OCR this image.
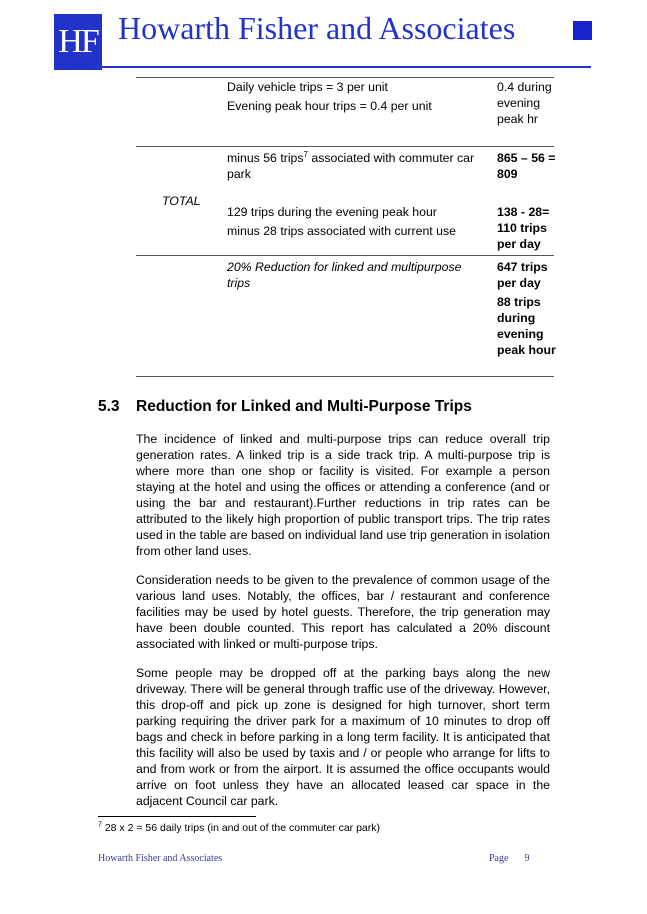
HF Howarth Fisher and Associates
Daily vehicle trips = 3 per unit
Evening peak hour trips = 0.4 per unit
0.4 during evening peak hr
TOTAL
minus 56 trips$^7$ associated with commuter car park
865 – 56 = 809
129 trips during the evening peak hour
minus 28 trips associated with current use
138 - 28= 110 trips per day
20% Reduction for linked and multipurpose trips
647 trips per day
88 trips during evening peak hour
5.3 Reduction for Linked and Multi-Purpose Trips

The incidence of linked and multi-purpose trips can reduce overall trip generation rates. A linked trip is a side track trip. A multi-purpose trip is where more than one shop or facility is visited. For example a person staying at the hotel and using the offices or attending a conference (and or using the bar and restaurant).Further reductions in trip rates can be attributed to the likely high proportion of public transport trips. The trip rates used in the table are based on individual land use trip generation in isolation from other land uses.

Consideration needs to be given to the prevalence of common usage of the various land uses. Notably, the offices, bar / restaurant and conference facilities may be used by hotel guests. Therefore, the trip generation may have been double counted. This report has calculated a 20% discount associated with linked or multi-purpose trips.

Some people may be dropped off at the parking bays along the new driveway. There will be general through traffic use of the driveway. However, this drop-off and pick up zone is designed for high turnover, short term parking requiring the driver park for a maximum of 10 minutes to drop off bags and check in before parking in a long term facility. It is anticipated that this facility will also be used by taxis and / or people who arrange for lifts to and from work or from the airport. It is assumed the office occupants would arrive on foot unless they have an allocated leased car space in the adjacent Council car park.

$^7$ 28 x 2 = 56 daily trips (in and out of the commuter car park)
Howarth Fisher and Associates	Page 9
